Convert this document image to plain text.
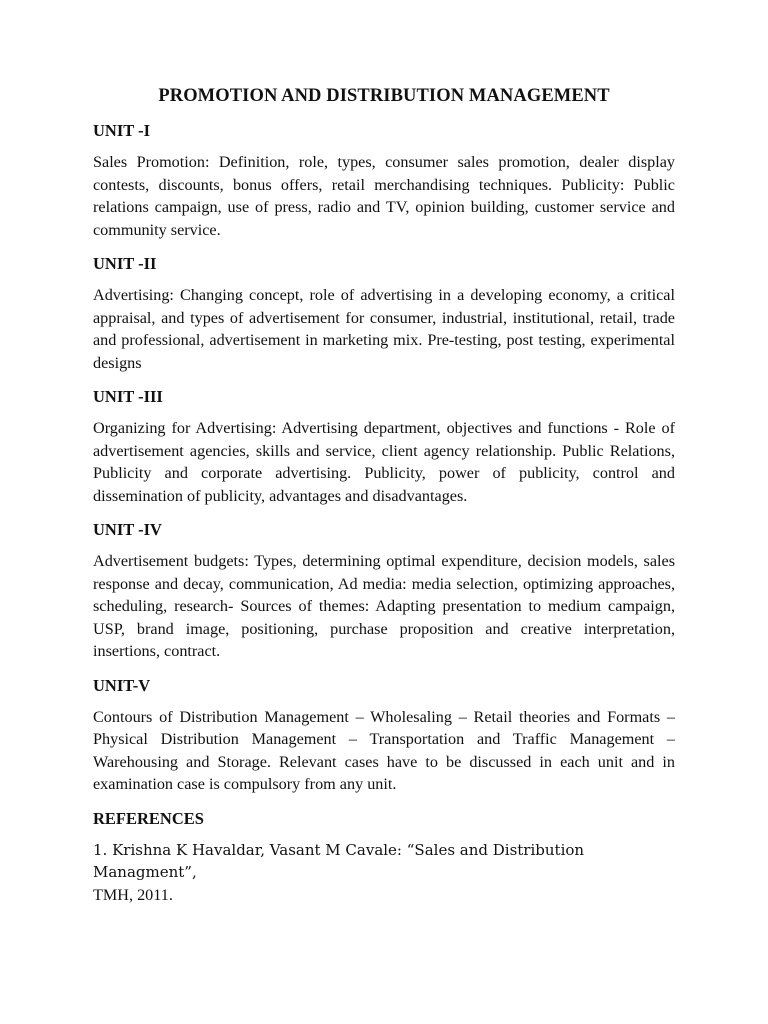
PROMOTION AND DISTRIBUTION MANAGEMENT
UNIT -I

Sales Promotion: Definition, role, types, consumer sales promotion, dealer display contests, discounts, bonus offers, retail merchandising techniques. Publicity: Public relations campaign, use of press, radio and TV, opinion building, customer service and community service.

UNIT -II

Advertising: Changing concept, role of advertising in a developing economy, a critical appraisal, and types of advertisement for consumer, industrial, institutional, retail, trade and professional, advertisement in marketing mix. Pre-testing, post testing, experimental designs

UNIT -III

Organizing for Advertising: Advertising department, objectives and functions - Role of advertisement agencies, skills and service, client agency relationship. Public Relations, Publicity and corporate advertising. Publicity, power of publicity, control and dissemination of publicity, advantages and disadvantages.

UNIT -IV

Advertisement budgets: Types, determining optimal expenditure, decision models, sales response and decay, communication, Ad media: media selection, optimizing approaches, scheduling, research- Sources of themes: Adapting presentation to medium campaign, USP, brand image, positioning, purchase proposition and creative interpretation, insertions, contract.

UNIT-V

Contours of Distribution Management – Wholesaling – Retail theories and Formats – Physical Distribution Management – Transportation and Traffic Management – Warehousing and Storage. Relevant cases have to be discussed in each unit and in examination case is compulsory from any unit.

REFERENCES

1. Krishna K Havaldar, Vasant M Cavale: “Sales and Distribution Managment”,
TMH, 2011.
